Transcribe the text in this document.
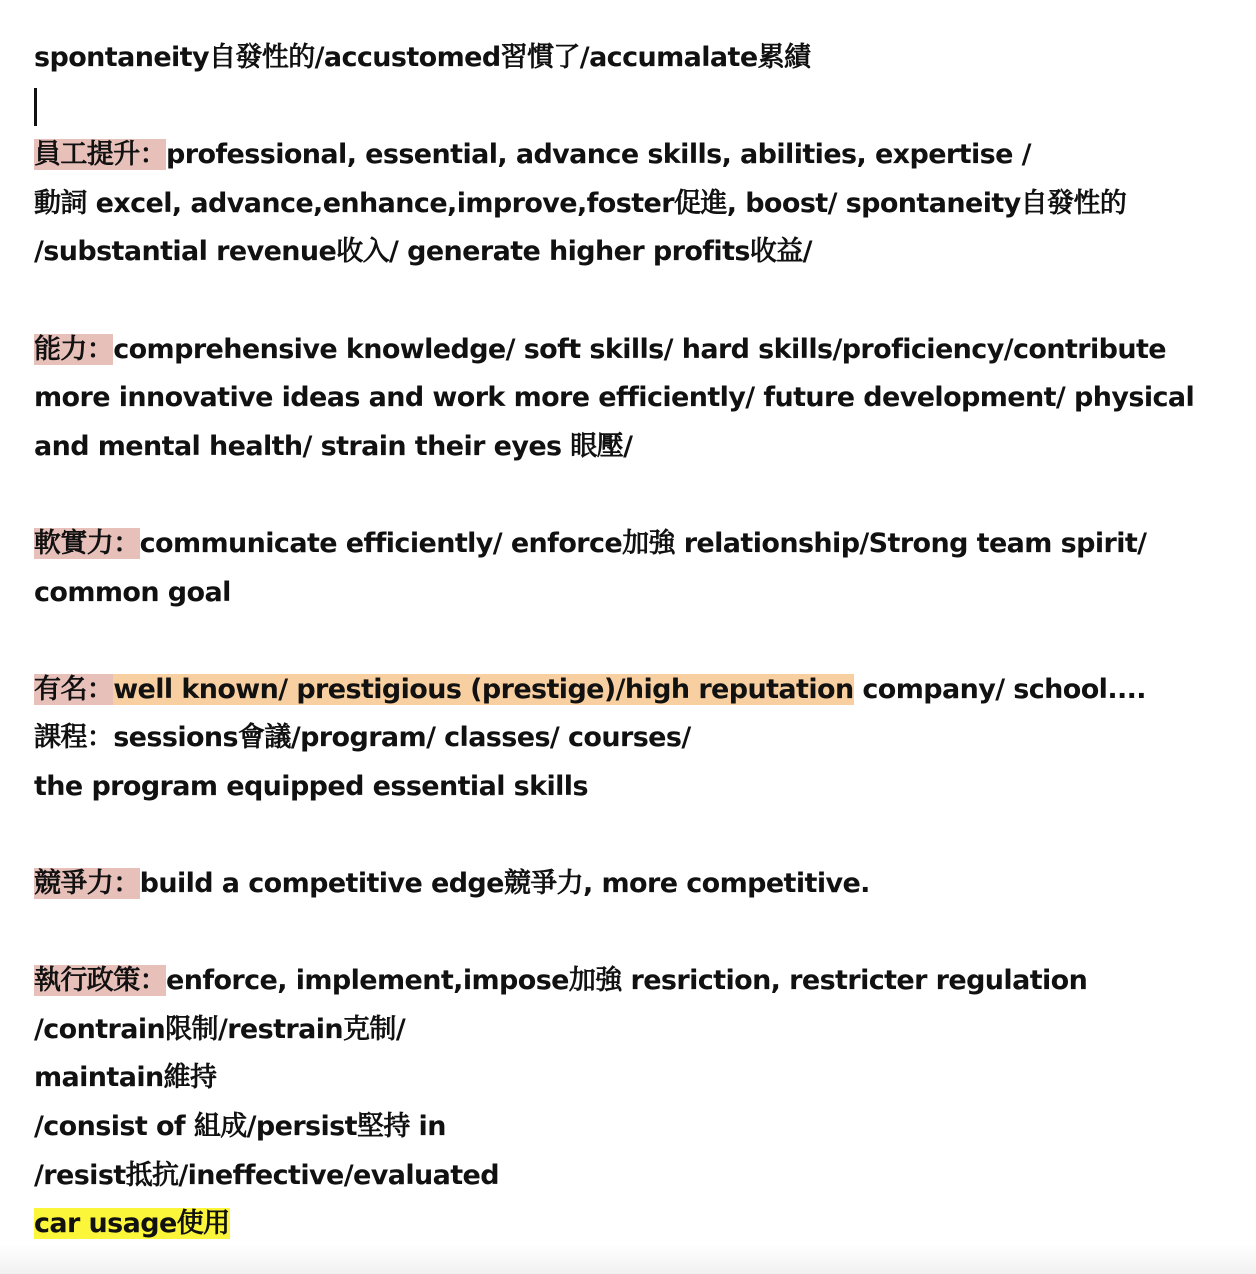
spontaneity自發性的/accustomed習慣了/accumalate累績
員工提升：professional, essential, advance skills, abilities, expertise /
動詞 excel, advance,enhance,improve,foster促進, boost/ spontaneity自發性的
/substantial revenue收入/ generate higher profits收益/
能力：comprehensive knowledge/ soft skills/ hard skills/proficiency/contribute
more innovative ideas and work more efficiently/ future development/ physical
and mental health/ strain their eyes 眼壓/
軟實力：communicate efficiently/ enforce加強 relationship/Strong team spirit/
common goal
有名：well known/ prestigious (prestige)/high reputation company/ school....
課程：sessions會議/program/ classes/ courses/
the program equipped essential skills
競爭力：build a competitive edge競爭力, more competitive.
執行政策：enforce, implement,impose加強 resriction, restricter regulation
/contrain限制/restrain克制/
maintain維持
/consist of 組成/persist堅持 in
/resist抵抗/ineffective/evaluated
car usage使用
